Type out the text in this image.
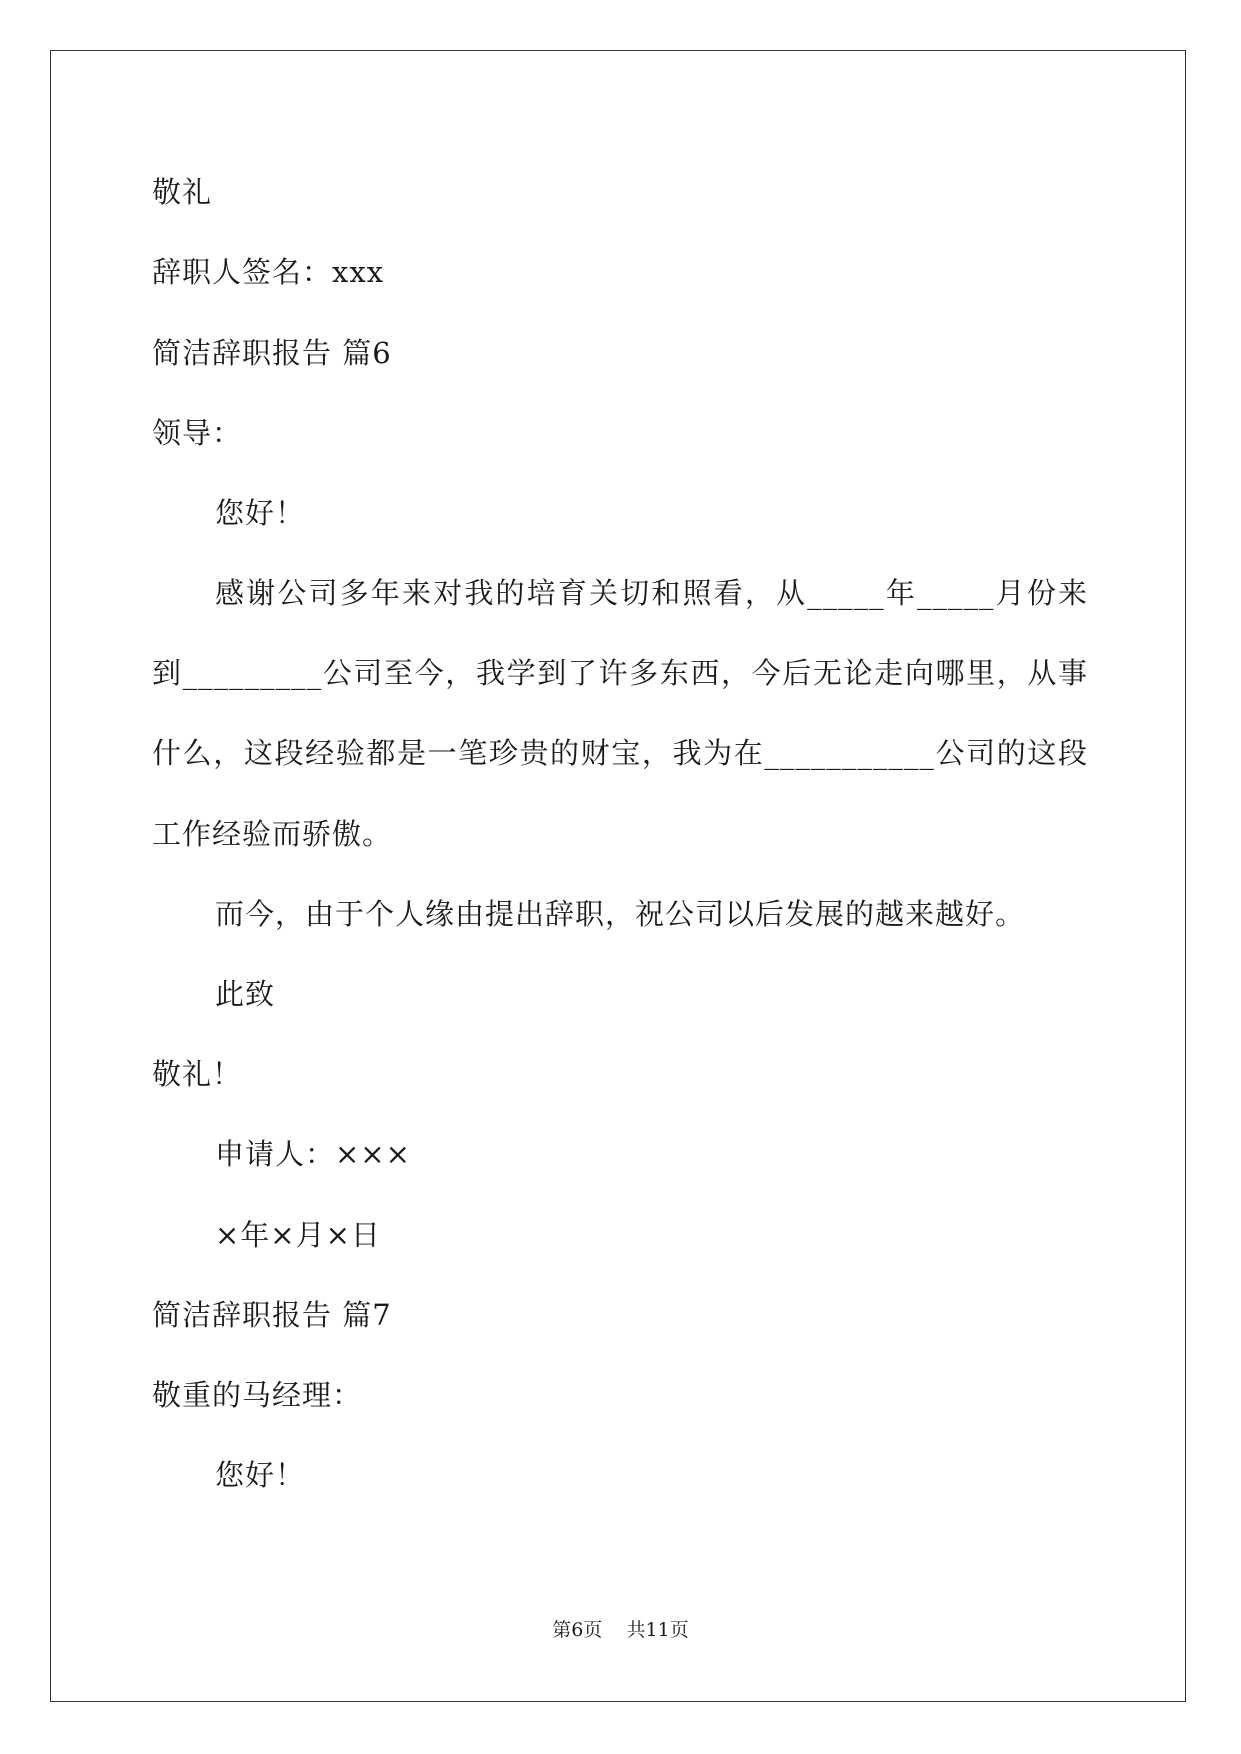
敬礼
辞职人签名：xxx
简洁辞职报告 篇6
领导：
您好！
感谢公司多年来对我的培育关切和照看，从_____年_____月份来
到_________公司至今，我学到了许多东西，今后无论走向哪里，从事
什么，这段经验都是一笔珍贵的财宝，我为在___________公司的这段
工作经验而骄傲。
而今，由于个人缘由提出辞职，祝公司以后发展的越来越好。
此致
敬礼！
申请人：×××
×年×月×日
简洁辞职报告 篇7
敬重的马经理：
您好！
第6页    共11页
